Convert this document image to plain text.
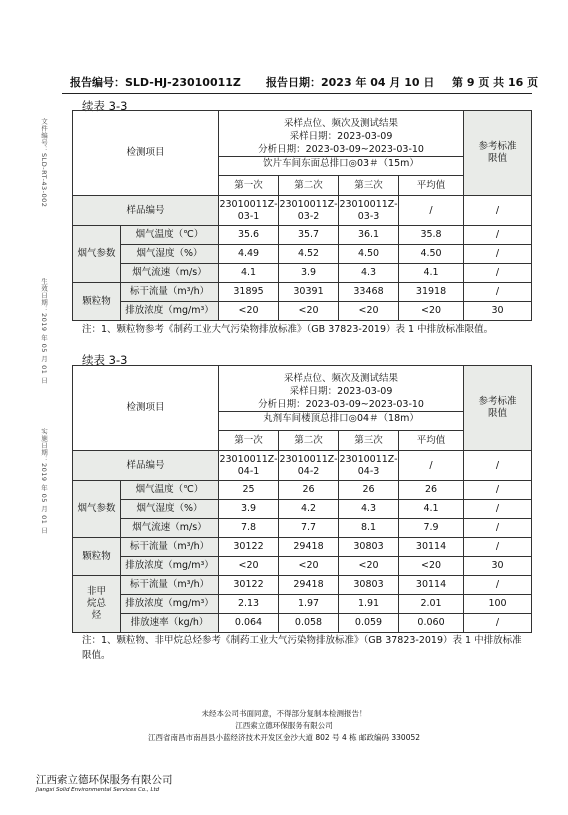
报告编号：SLD-HJ-23010011Z 报告日期：2023 年 04 月 10 日 第 9 页 共 16 页
文件编号：SLD-RT-43-002
生效日期：2019 年 05 月 01 日
实施日期：2019 年 05 月 01 日
续表 3-3
检测项目		采样点位、频次及测试结果
采样日期：2023-03-09
分析日期：2023-03-09~2023-03-10
饮片车间东面总排口◎03＃（15m）				参考标准限值
		第一次	第二次	第三次	平均值	
样品编号		23010011Z-03-1	23010011Z-03-2	23010011Z-03-3	/	/
烟气参数	烟气温度（℃）	35.6	35.7	36.1	35.8	/
	烟气湿度（%）	4.49	4.52	4.50	4.50	/
	烟气流速（m/s）	4.1	3.9	4.3	4.1	/
颗粒物	标干流量（m³/h）	31895	30391	33468	31918	/
	排放浓度（mg/m³）	<20	<20	<20	<20	30
注：1、颗粒物参考《制药工业大气污染物排放标准》（GB 37823-2019）表 1 中排放标准限值。
续表 3-3
检测项目		采样点位、频次及测试结果
采样日期：2023-03-09
分析日期：2023-03-09~2023-03-10
丸剂车间楼顶总排口◎04＃（18m）				参考标准限值
		第一次	第二次	第三次	平均值	
样品编号		23010011Z-04-1	23010011Z-04-2	23010011Z-04-3	/	/
烟气参数	烟气温度（℃）	25	26	26	26	/
	烟气湿度（%）	3.9	4.2	4.3	4.1	/
	烟气流速（m/s）	7.8	7.7	8.1	7.9	/
颗粒物	标干流量（m³/h）	30122	29418	30803	30114	/
	排放浓度（mg/m³）	<20	<20	<20	<20	30
非甲烷总烃	标干流量（m³/h）	30122	29418	30803	30114	/
	排放浓度（mg/m³）	2.13	1.97	1.91	2.01	100
	排放速率（kg/h）	0.064	0.058	0.059	0.060	/
注：1、颗粒物、非甲烷总烃参考《制药工业大气污染物排放标准》（GB 37823-2019）表 1 中排放标准限值。
未经本公司书面同意，不得部分复制本检测报告！
江西索立德环保服务有限公司
江西省南昌市南昌县小蓝经济技术开发区金沙大道 802 号 4 栋 邮政编码 330052
江西索立德环保服务有限公司
Jiangxi Solid Environmental Services Co., Ltd
